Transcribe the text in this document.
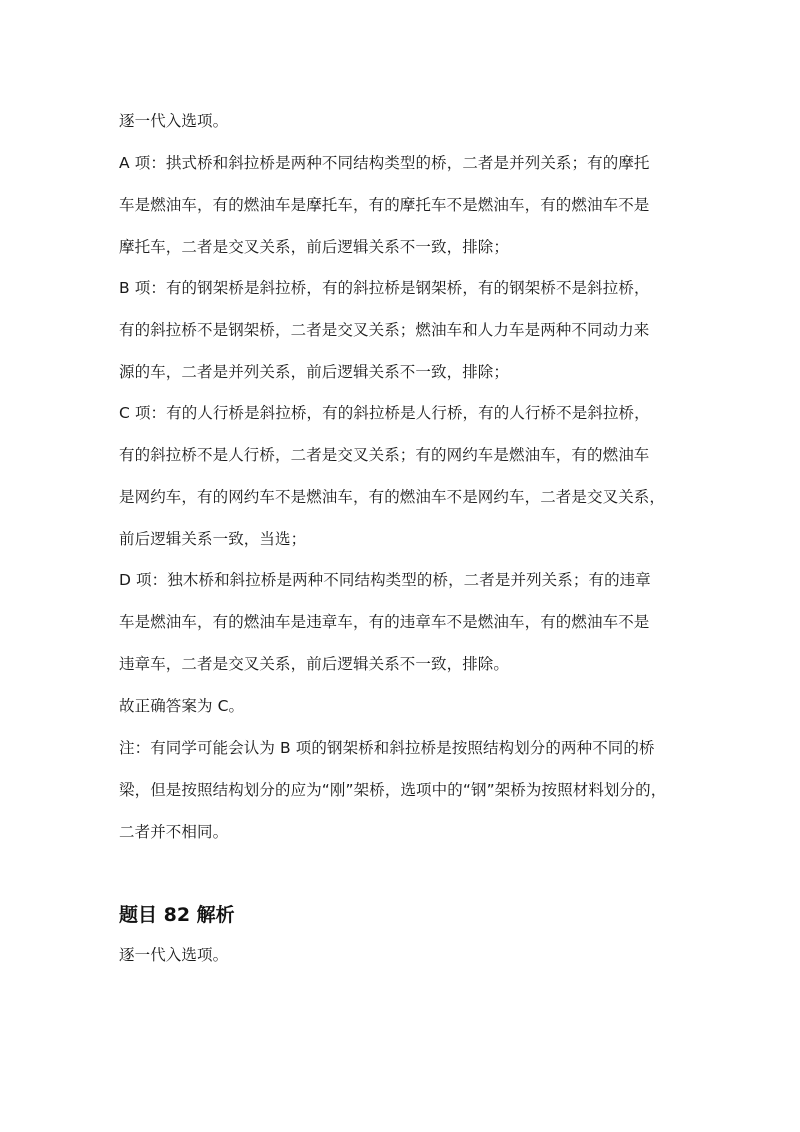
逐一代入选项。
A 项：拱式桥和斜拉桥是两种不同结构类型的桥，二者是并列关系；有的摩托
车是燃油车，有的燃油车是摩托车，有的摩托车不是燃油车，有的燃油车不是
摩托车，二者是交叉关系，前后逻辑关系不一致，排除；
B 项：有的钢架桥是斜拉桥，有的斜拉桥是钢架桥，有的钢架桥不是斜拉桥，
有的斜拉桥不是钢架桥，二者是交叉关系；燃油车和人力车是两种不同动力来
源的车，二者是并列关系，前后逻辑关系不一致，排除；
C 项：有的人行桥是斜拉桥，有的斜拉桥是人行桥，有的人行桥不是斜拉桥，
有的斜拉桥不是人行桥，二者是交叉关系；有的网约车是燃油车，有的燃油车
是网约车，有的网约车不是燃油车，有的燃油车不是网约车，二者是交叉关系，
前后逻辑关系一致，当选；
D 项：独木桥和斜拉桥是两种不同结构类型的桥，二者是并列关系；有的违章
车是燃油车，有的燃油车是违章车，有的违章车不是燃油车，有的燃油车不是
违章车，二者是交叉关系，前后逻辑关系不一致，排除。
故正确答案为 C。
注：有同学可能会认为 B 项的钢架桥和斜拉桥是按照结构划分的两种不同的桥
梁，但是按照结构划分的应为“刚”架桥，选项中的“钢”架桥为按照材料划分的，
二者并不相同。
题目 82 解析
逐一代入选项。
